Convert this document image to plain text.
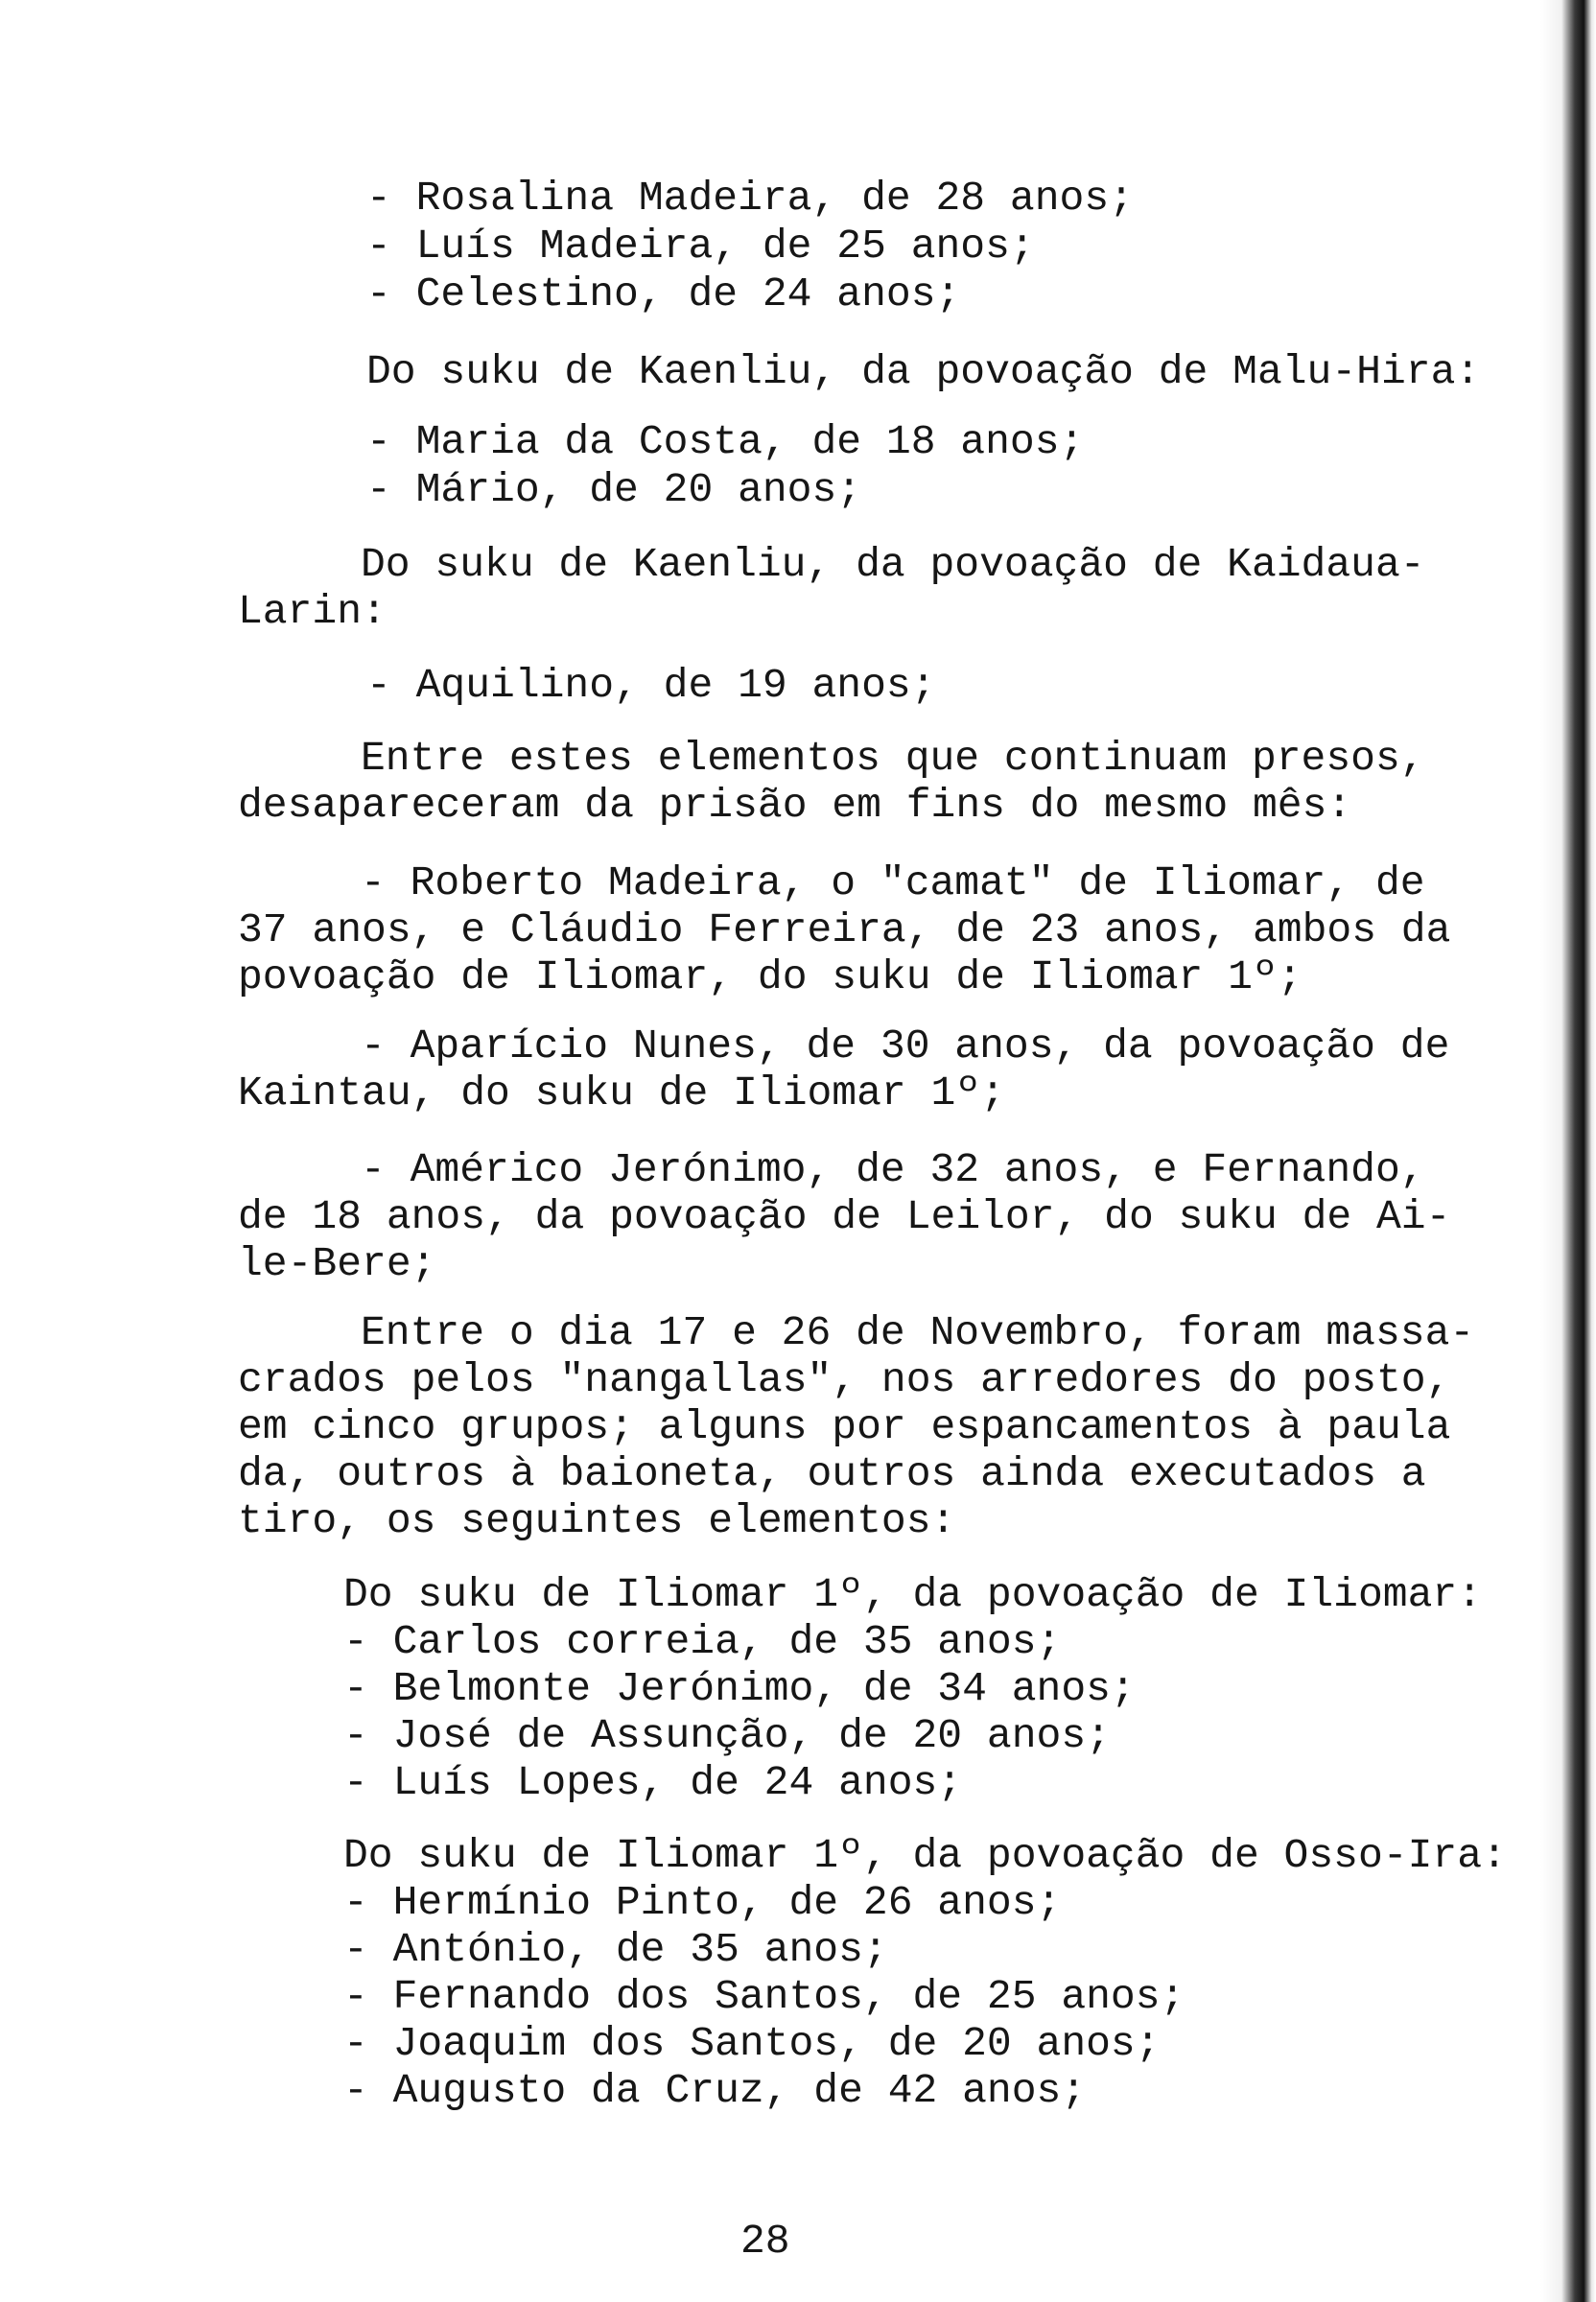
- Rosalina Madeira, de 28 anos;
- Luís Madeira, de 25 anos;
- Celestino, de 24 anos;
Do suku de Kaenliu, da povoação de Malu-Hira:
- Maria da Costa, de 18 anos;
- Mário, de 20 anos;
Do suku de Kaenliu, da povoação de Kaidaua-
Larin:
- Aquilino, de 19 anos;
Entre estes elementos que continuam presos,
desapareceram da prisão em fins do mesmo mês:
- Roberto Madeira, o "camat" de Iliomar, de
37 anos, e Cláudio Ferreira, de 23 anos, ambos da
povoação de Iliomar, do suku de Iliomar 1º;
- Aparício Nunes, de 30 anos, da povoação de
Kaintau, do suku de Iliomar 1º;
- Américo Jerónimo, de 32 anos, e Fernando,
de 18 anos, da povoação de Leilor, do suku de Ai-
le-Bere;
Entre o dia 17 e 26 de Novembro, foram massa-
crados pelos "nangallas", nos arredores do posto,
em cinco grupos; alguns por espancamentos à paula
da, outros à baioneta, outros ainda executados a
tiro, os seguintes elementos:
Do suku de Iliomar 1º, da povoação de Iliomar:
- Carlos correia, de 35 anos;
- Belmonte Jerónimo, de 34 anos;
- José de Assunção, de 20 anos;
- Luís Lopes, de 24 anos;
Do suku de Iliomar 1º, da povoação de Osso-Ira:
- Hermínio Pinto, de 26 anos;
- António, de 35 anos;
- Fernando dos Santos, de 25 anos;
- Joaquim dos Santos, de 20 anos;
- Augusto da Cruz, de 42 anos;
28
